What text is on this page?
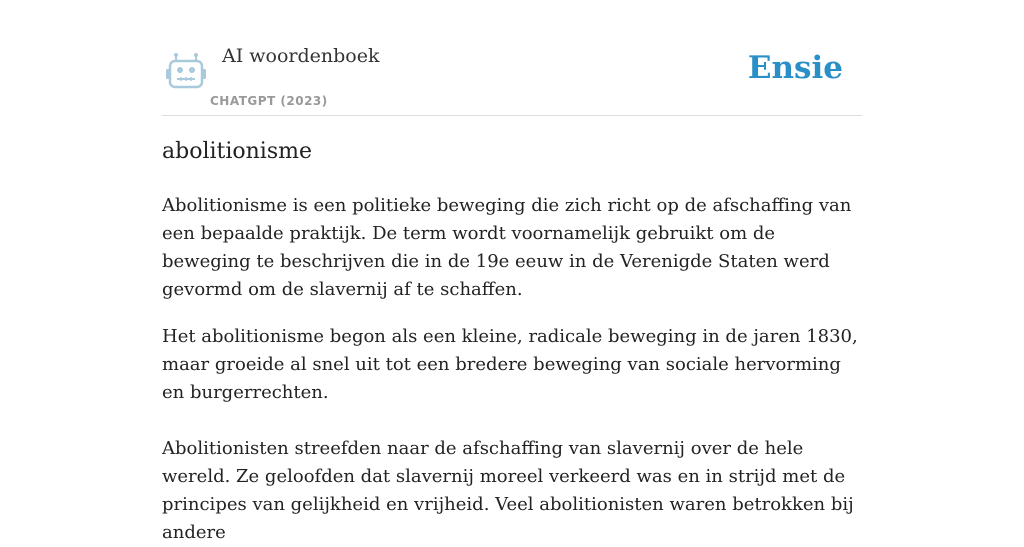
AI woordenboek
CHATGPT (2023)
Ensie
abolitionisme

Abolitionisme is een politieke beweging die zich richt op de afschaffing van een bepaalde praktijk. De term wordt voornamelijk gebruikt om de beweging te beschrijven die in de 19e eeuw in de Verenigde Staten werd gevormd om de slavernij af te schaffen.

Het abolitionisme begon als een kleine, radicale beweging in de jaren 1830, maar groeide al snel uit tot een bredere beweging van sociale hervorming en burgerrechten.

Abolitionisten streefden naar de afschaffing van slavernij over de hele wereld. Ze geloofden dat slavernij moreel verkeerd was en in strijd met de principes van gelijkheid en vrijheid. Veel abolitionisten waren betrokken bij andere
